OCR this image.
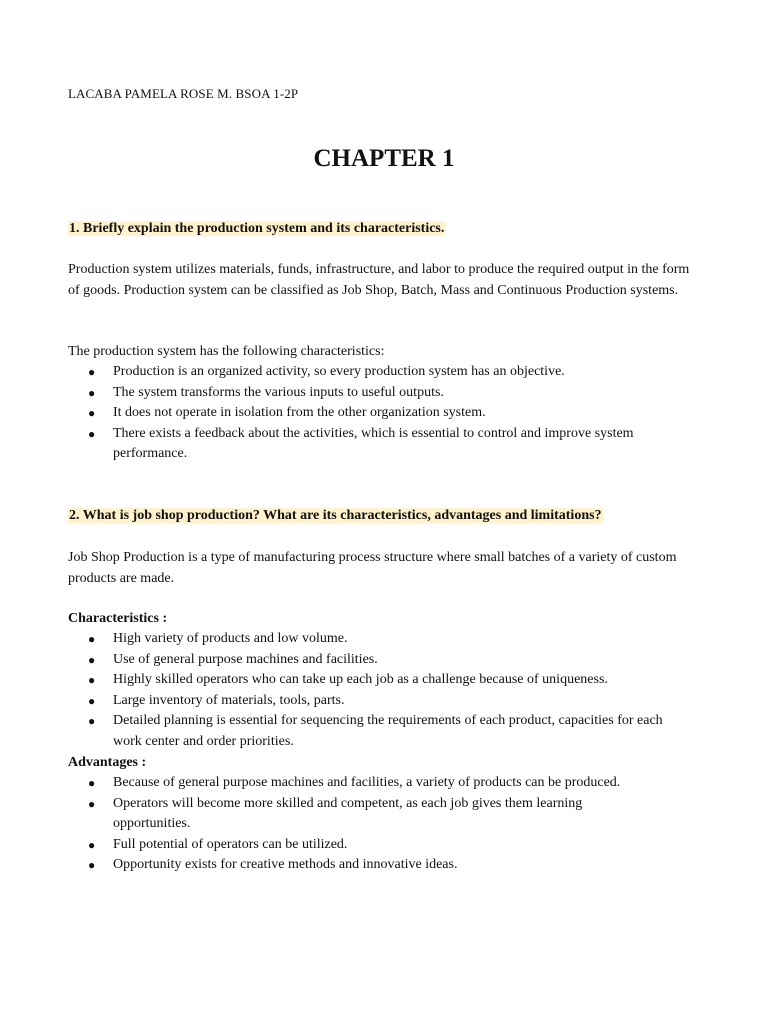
LACABA PAMELA ROSE M. BSOA 1-2P
CHAPTER 1
1. Briefly explain the production system and its characteristics.
Production system utilizes materials, funds, infrastructure, and labor to produce the required output in the form of goods. Production system can be classified as Job Shop, Batch, Mass and Continuous Production systems.
The production system has the following characteristics:
● Production is an organized activity, so every production system has an objective.
● The system transforms the various inputs to useful outputs.
● It does not operate in isolation from the other organization system.
● There exists a feedback about the activities, which is essential to control and improve system performance.
2. What is job shop production? What are its characteristics, advantages and limitations?
Job Shop Production is a type of manufacturing process structure where small batches of a variety of custom products are made.
Characteristics :
● High variety of products and low volume.
● Use of general purpose machines and facilities.
● Highly skilled operators who can take up each job as a challenge because of uniqueness.
● Large inventory of materials, tools, parts.
● Detailed planning is essential for sequencing the requirements of each product, capacities for each work center and order priorities.
Advantages :
● Because of general purpose machines and facilities, a variety of products can be produced.
● Operators will become more skilled and competent, as each job gives them learning opportunities.
● Full potential of operators can be utilized.
● Opportunity exists for creative methods and innovative ideas.
